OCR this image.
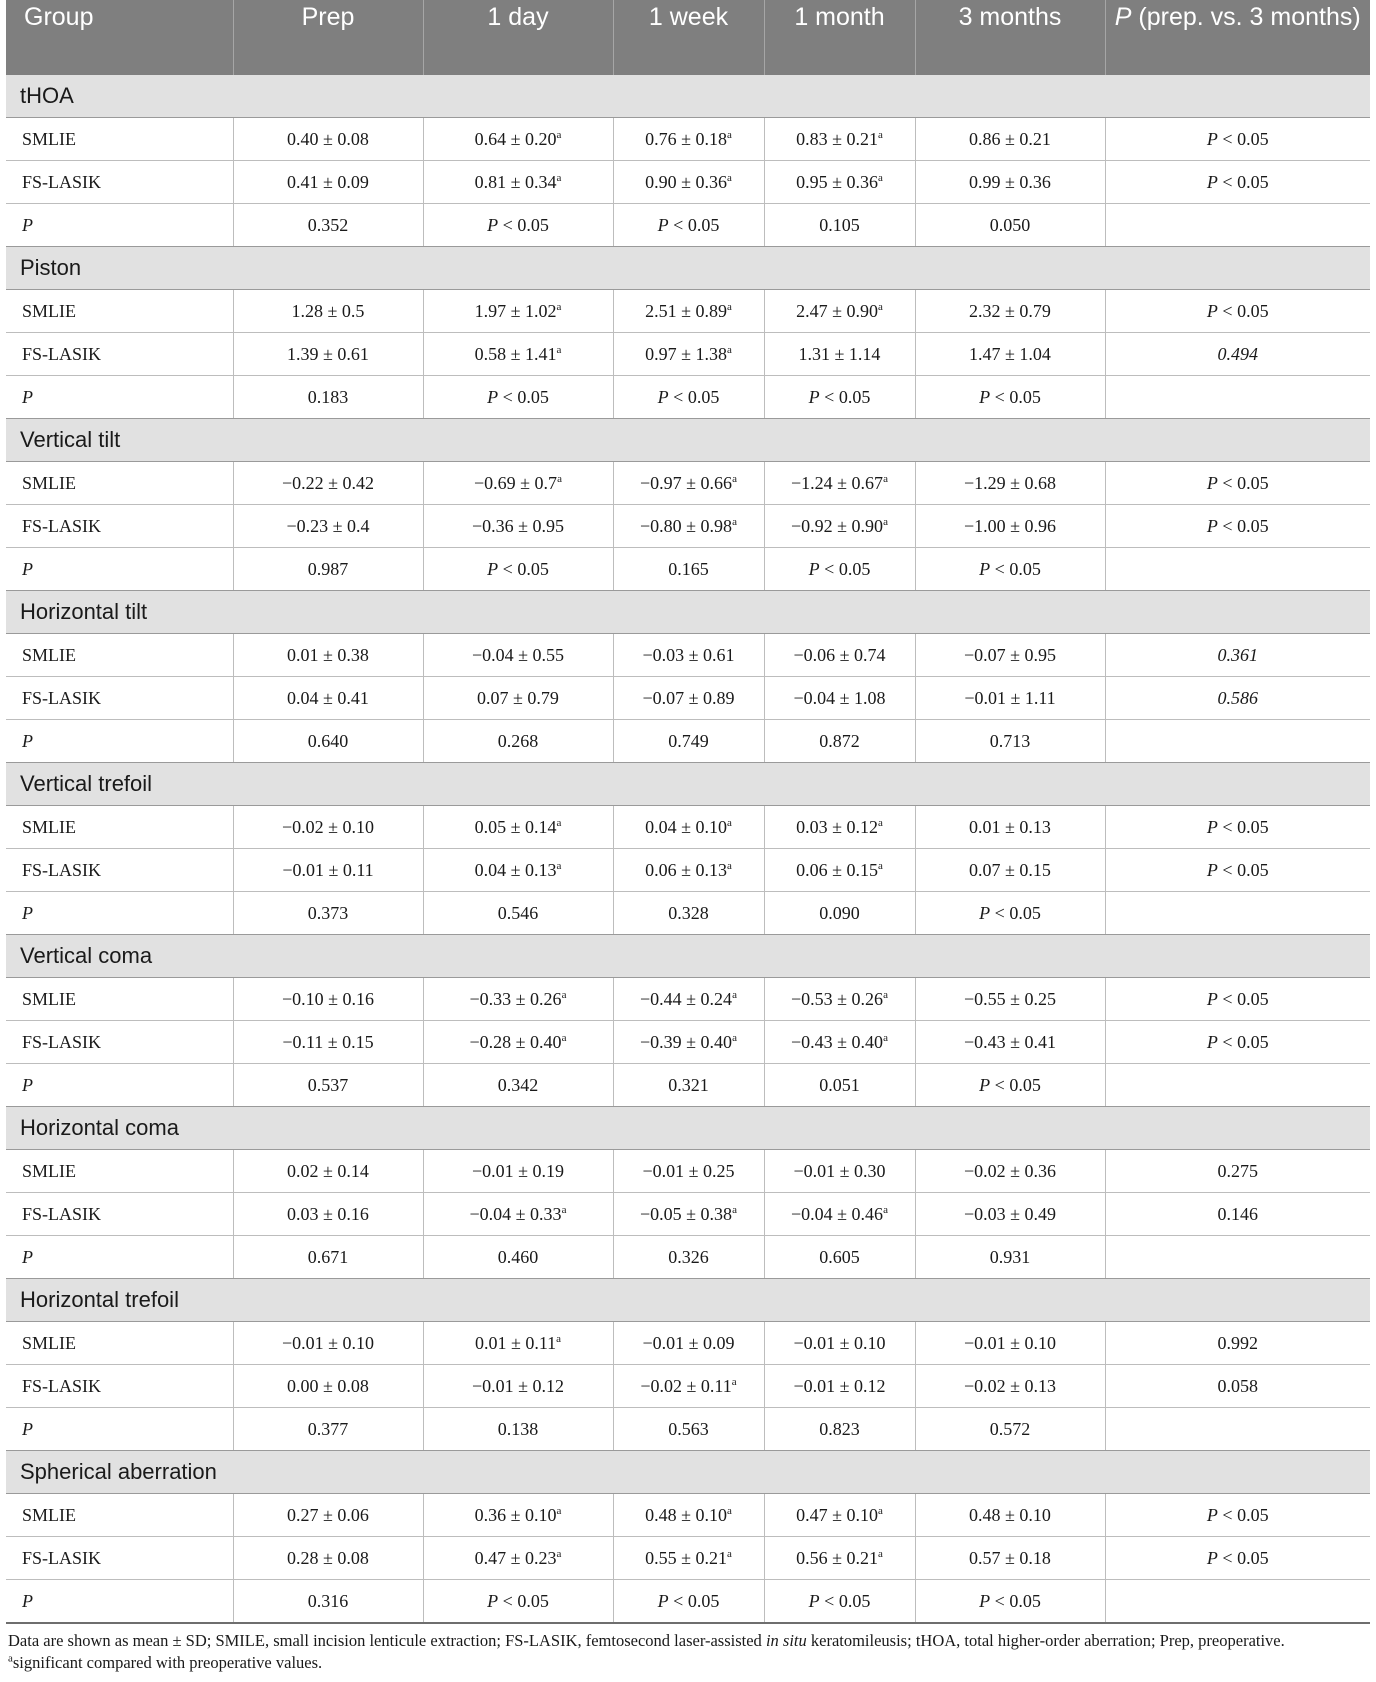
Group	Prep	1 day	1 week	1 month	3 months	P (prep. vs. 3 months)
tHOA						
SMLIE	0.40 ± 0.08	0.64 ± 0.20$^a$	0.76 ± 0.18$^a$	0.83 ± 0.21$^a$	0.86 ± 0.21	P < 0.05
FS-LASIK	0.41 ± 0.09	0.81 ± 0.34$^a$	0.90 ± 0.36$^a$	0.95 ± 0.36$^a$	0.99 ± 0.36	P < 0.05
P	0.352	P < 0.05	P < 0.05	0.105	0.050	
Piston						
SMLIE	1.28 ± 0.5	1.97 ± 1.02$^a$	2.51 ± 0.89$^a$	2.47 ± 0.90$^a$	2.32 ± 0.79	P < 0.05
FS-LASIK	1.39 ± 0.61	0.58 ± 1.41$^a$	0.97 ± 1.38$^a$	1.31 ± 1.14	1.47 ± 1.04	0.494
P	0.183	P < 0.05	P < 0.05	P < 0.05	P < 0.05	
Vertical tilt						
SMLIE	−0.22 ± 0.42	−0.69 ± 0.7$^a$	−0.97 ± 0.66$^a$	−1.24 ± 0.67$^a$	−1.29 ± 0.68	P < 0.05
FS-LASIK	−0.23 ± 0.4	−0.36 ± 0.95	−0.80 ± 0.98$^a$	−0.92 ± 0.90$^a$	−1.00 ± 0.96	P < 0.05
P	0.987	P < 0.05	0.165	P < 0.05	P < 0.05	
Horizontal tilt						
SMLIE	0.01 ± 0.38	−0.04 ± 0.55	−0.03 ± 0.61	−0.06 ± 0.74	−0.07 ± 0.95	0.361
FS-LASIK	0.04 ± 0.41	0.07 ± 0.79	−0.07 ± 0.89	−0.04 ± 1.08	−0.01 ± 1.11	0.586
P	0.640	0.268	0.749	0.872	0.713	
Vertical trefoil						
SMLIE	−0.02 ± 0.10	0.05 ± 0.14$^a$	0.04 ± 0.10$^a$	0.03 ± 0.12$^a$	0.01 ± 0.13	P < 0.05
FS-LASIK	−0.01 ± 0.11	0.04 ± 0.13$^a$	0.06 ± 0.13$^a$	0.06 ± 0.15$^a$	0.07 ± 0.15	P < 0.05
P	0.373	0.546	0.328	0.090	P < 0.05	
Vertical coma						
SMLIE	−0.10 ± 0.16	−0.33 ± 0.26$^a$	−0.44 ± 0.24$^a$	−0.53 ± 0.26$^a$	−0.55 ± 0.25	P < 0.05
FS-LASIK	−0.11 ± 0.15	−0.28 ± 0.40$^a$	−0.39 ± 0.40$^a$	−0.43 ± 0.40$^a$	−0.43 ± 0.41	P < 0.05
P	0.537	0.342	0.321	0.051	P < 0.05	
Horizontal coma						
SMLIE	0.02 ± 0.14	−0.01 ± 0.19	−0.01 ± 0.25	−0.01 ± 0.30	−0.02 ± 0.36	0.275
FS-LASIK	0.03 ± 0.16	−0.04 ± 0.33$^a$	−0.05 ± 0.38$^a$	−0.04 ± 0.46$^a$	−0.03 ± 0.49	0.146
P	0.671	0.460	0.326	0.605	0.931	
Horizontal trefoil						
SMLIE	−0.01 ± 0.10	0.01 ± 0.11$^a$	−0.01 ± 0.09	−0.01 ± 0.10	−0.01 ± 0.10	0.992
FS-LASIK	0.00 ± 0.08	−0.01 ± 0.12	−0.02 ± 0.11$^a$	−0.01 ± 0.12	−0.02 ± 0.13	0.058
P	0.377	0.138	0.563	0.823	0.572	
Spherical aberration						
SMLIE	0.27 ± 0.06	0.36 ± 0.10$^a$	0.48 ± 0.10$^a$	0.47 ± 0.10$^a$	0.48 ± 0.10	P < 0.05
FS-LASIK	0.28 ± 0.08	0.47 ± 0.23$^a$	0.55 ± 0.21$^a$	0.56 ± 0.21$^a$	0.57 ± 0.18	P < 0.05
P	0.316	P < 0.05	P < 0.05	P < 0.05	P < 0.05	
Data are shown as mean ± SD; SMILE, small incision lenticule extraction; FS-LASIK, femtosecond laser-assisted in situ keratomileusis; tHOA, total higher-order aberration; Prep, preoperative.
$^a$significant compared with preoperative values.
